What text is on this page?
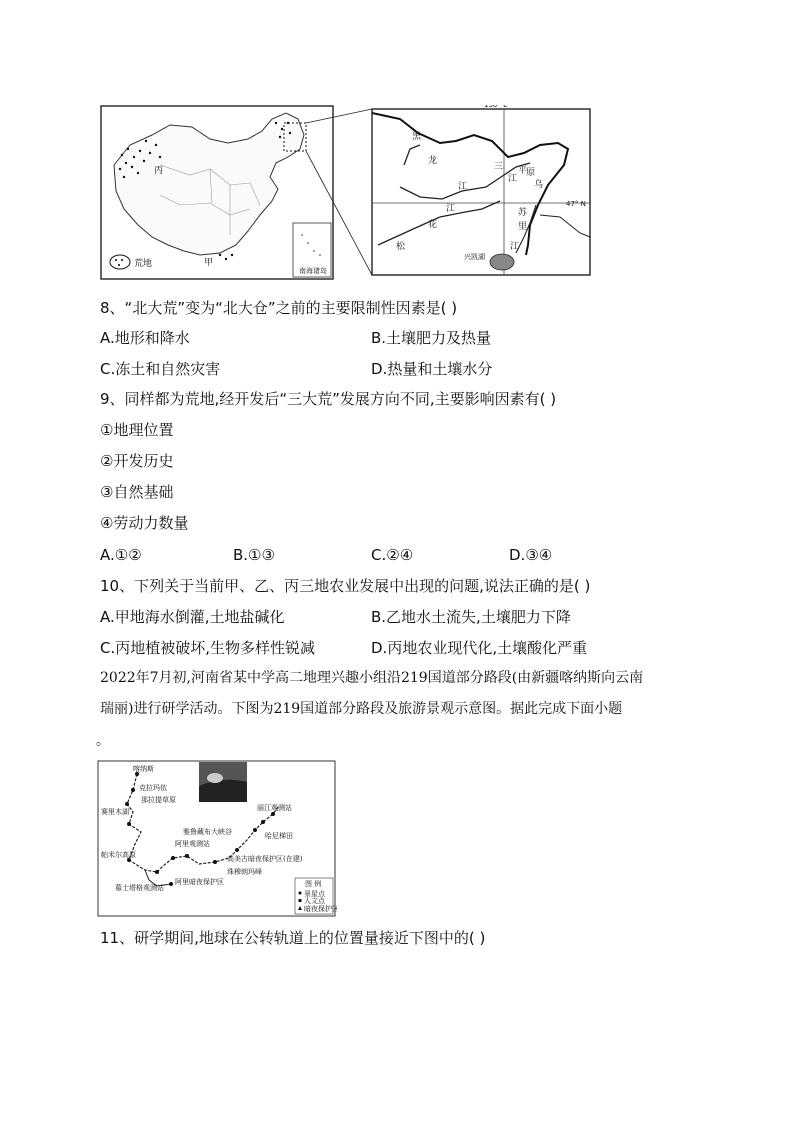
丙
甲
荒地
南海诸岛
130° E
47° N
黑
龙
江
江
花
松
三
江
平
原
乌
苏
里
江
兴凯湖
8、“北大荒”变为“北大仓”之前的主要限制性因素是( )
A.地形和降水	B.土壤肥力及热量
C.冻土和自然灾害	D.热量和土壤水分
9、同样都为荒地,经开发后“三大荒”发展方向不同,主要影响因素有( )
①地理位置
②开发历史
③自然基础
④劳动力数量
A.①②	B.①③	C.②④	D.③④
10、下列关于当前甲、乙、丙三地农业发展中出现的问题,说法正确的是( )
A.甲地海水倒灌,土地盐碱化	B.乙地水土流失,土壤肥力下降
C.丙地植被破坏,生物多样性锐减	D.丙地农业现代化,土壤酸化严重
2022年7月初,河南省某中学高二地理兴趣小组沿219国道部分路段(由新疆喀纳斯向云南
瑞丽)进行研学活动。下图为219国道部分路段及旅游景观示意图。据此完成下面小题
。
喀纳斯
克拉玛依
那拉提草原
赛里木湖
帕米尔高原
慕士塔格观测站
阿里观测站
阿里暗夜保护区
珠穆朗玛峰
雅鲁藏布大峡谷
丽江观测站
哈尼梯田
高美古暗夜保护区(在建)
图 例
景星点
人文点
暗夜保护区
11、研学期间,地球在公转轨道上的位置量接近下图中的( )
